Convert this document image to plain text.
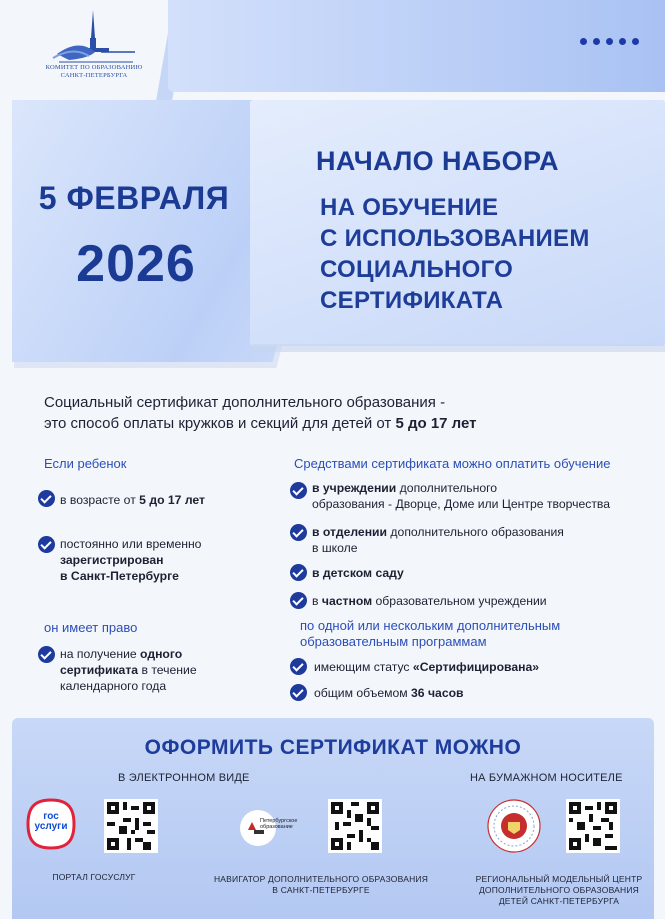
КОМИТЕТ ПО ОБРАЗОВАНИЮ
САНКТ-ПЕТЕРБУРГА
5 ФЕВРАЛЯ
2026
НАЧАЛО НАБОРА
НА ОБУЧЕНИЕ
С ИСПОЛЬЗОВАНИЕМ
СОЦИАЛЬНОГО
СЕРТИФИКАТА
Социальный сертификат дополнительного образования -
это способ оплаты кружков и секций для детей от 5 до 17 лет
Если ребенок
в возрасте от 5 до 17 лет
постоянно или временно
зарегистрирован
в Санкт-Петербурге
он имеет право
на получение одного
сертификата в течение
календарного года
Средствами сертификата можно оплатить обучение
в учреждении дополнительного
образования - Дворце, Доме или Центре творчества
в отделении дополнительного образования
в школе
в детском саду
в частном образовательном учреждении
по одной или нескольким дополнительным
образовательным программам
имеющим статус «Сертифицирована»
общим объемом 36 часов
ОФОРМИТЬ СЕРТИФИКАТ МОЖНО
В ЭЛЕКТРОННОМ ВИДЕ	НА БУМАЖНОМ НОСИТЕЛЕ
гос
услуги	Петербургское образование
ПОРТАЛ ГОСУСЛУГ	НАВИГАТОР ДОПОЛНИТЕЛЬНОГО ОБРАЗОВАНИЯ
В САНКТ-ПЕТЕРБУРГЕ
РЕГИОНАЛЬНЫЙ МОДЕЛЬНЫЙ ЦЕНТР
ДОПОЛНИТЕЛЬНОГО ОБРАЗОВАНИЯ
ДЕТЕЙ САНКТ-ПЕТЕРБУРГА
